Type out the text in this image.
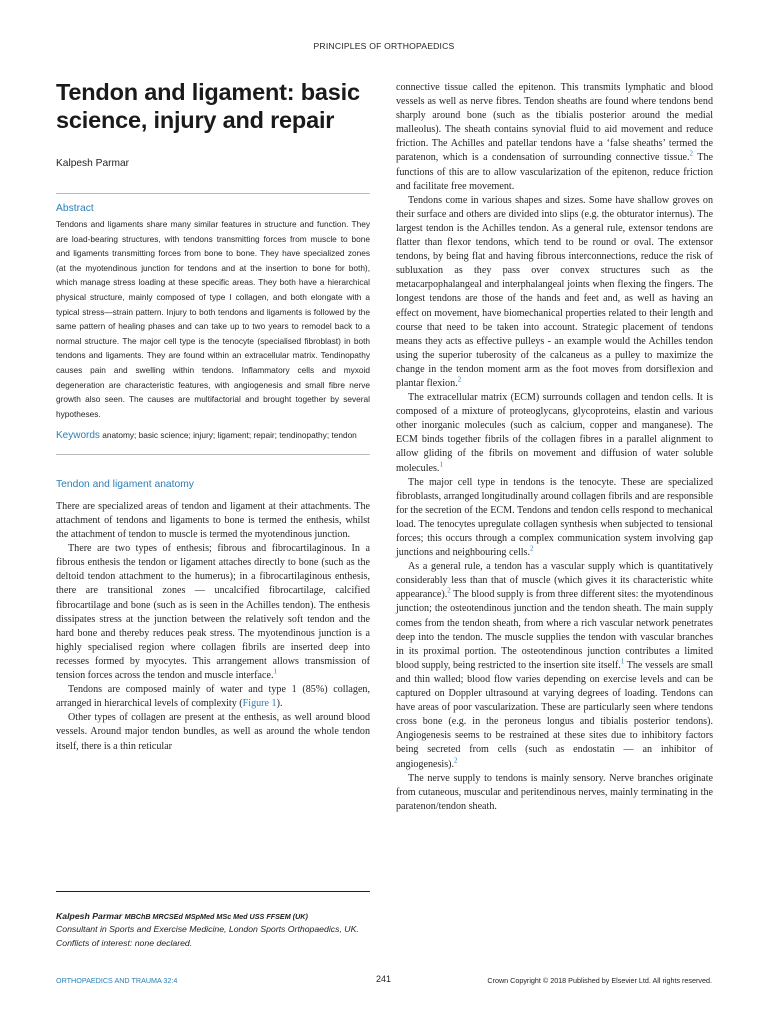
PRINCIPLES OF ORTHOPAEDICS
Tendon and ligament: basic science, injury and repair
Kalpesh Parmar
Abstract

Tendons and ligaments share many similar features in structure and function. They are load-bearing structures, with tendons transmitting forces from muscle to bone and ligaments transmitting forces from bone to bone. They have specialized zones (at the myotendinous junction for tendons and at the insertion to bone for both), which manage stress loading at these specific areas. They both have a hierarchical physical structure, mainly composed of type I collagen, and both elongate with a typical stress—strain pattern. Injury to both tendons and ligaments is followed by the same pattern of healing phases and can take up to two years to remodel back to a normal structure. The major cell type is the tenocyte (specialised fibroblast) in both tendons and ligaments. They are found within an extracellular matrix. Tendinopathy causes pain and swelling within tendons. Inflammatory cells and myxoid degeneration are characteristic features, with angiogenesis and small fibre nerve growth also seen. The causes are multifactorial and brought together by several hypotheses.

Keywords anatomy; basic science; injury; ligament; repair; tendinopathy; tendon

Tendon and ligament anatomy

There are specialized areas of tendon and ligament at their attachments. The attachment of tendons and ligaments to bone is termed the enthesis, whilst the attachment of tendon to muscle is termed the myotendinous junction.

There are two types of enthesis; fibrous and fibrocartilaginous. In a fibrous enthesis the tendon or ligament attaches directly to bone (such as the deltoid tendon attachment to the humerus); in a fibrocartilaginous enthesis, there are transitional zones — uncalcified fibrocartilage, calcified fibrocartilage and bone (such as is seen in the Achilles tendon). The enthesis dissipates stress at the junction between the relatively soft tendon and the hard bone and thereby reduces peak stress. The myotendinous junction is a highly specialised region where collagen fibrils are inserted deep into recesses formed by myocytes. This arrangement allows transmission of tension forces across the tendon and muscle interface.$^1$

Tendons are composed mainly of water and type 1 (85%) collagen, arranged in hierarchical levels of complexity (Figure 1).

Other types of collagen are present at the enthesis, as well around blood vessels. Around major tendon bundles, as well as around the whole tendon itself, there is a thin reticular

connective tissue called the epitenon. This transmits lymphatic and blood vessels as well as nerve fibres. Tendon sheaths are found where tendons bend sharply around bone (such as the tibialis posterior around the medial malleolus). The sheath contains synovial fluid to aid movement and reduce friction. The Achilles and patellar tendons have a ‘false sheaths’ termed the paratenon, which is a condensation of surrounding connective tissue.$^2$ The functions of this are to allow vascularization of the epitenon, reduce friction and facilitate free movement.

Tendons come in various shapes and sizes. Some have shallow groves on their surface and others are divided into slips (e.g. the obturator internus). The largest tendon is the Achilles tendon. As a general rule, extensor tendons are flatter than flexor tendons, which tend to be round or oval. The extensor tendons, by being flat and having fibrous interconnections, reduce the risk of subluxation as they pass over convex structures such as the metacarpophalangeal and interphalangeal joints when flexing the fingers. The longest tendons are those of the hands and feet and, as well as having an effect on movement, have biomechanical properties related to their length and course that need to be taken into account. Strategic placement of tendons means they acts as effective pulleys - an example would the Achilles tendon using the superior tuberosity of the calcaneus as a pulley to maximize the change in the tendon moment arm as the foot moves from dorsiflexion and plantar flexion.$^2$

The extracellular matrix (ECM) surrounds collagen and tendon cells. It is composed of a mixture of proteoglycans, glycoproteins, elastin and various other inorganic molecules (such as calcium, copper and manganese). The ECM binds together fibrils of the collagen fibres in a parallel alignment to allow gliding of the fibrils on movement and diffusion of water soluble molecules.$^1$

The major cell type in tendons is the tenocyte. These are specialized fibroblasts, arranged longitudinally around collagen fibrils and are responsible for the secretion of the ECM. Tendons and tendon cells respond to mechanical load. The tenocytes upregulate collagen synthesis when subjected to tensional forces; this occurs through a complex communication system involving gap junctions and neighbouring cells.$^2$

As a general rule, a tendon has a vascular supply which is quantitatively considerably less than that of muscle (which gives it its characteristic white appearance).$^2$ The blood supply is from three different sites: the myotendinous junction; the osteotendinous junction and the tendon sheath. The main supply comes from the tendon sheath, from where a rich vascular network penetrates deep into the tendon. The muscle supplies the tendon with vascular branches in its proximal portion. The osteotendinous junction contributes a limited blood supply, being restricted to the insertion site itself.$^1$ The vessels are small and thin walled; blood flow varies depending on exercise levels and can be captured on Doppler ultrasound at varying degrees of loading. Tendons can have areas of poor vascularization. These are particularly seen where tendons cross bone (e.g. in the peroneus longus and tibialis posterior tendons). Angiogenesis seems to be restrained at these sites due to inhibitory factors being secreted from cells (such as endostatin — an inhibitor of angiogenesis).$^2$

The nerve supply to tendons is mainly sensory. Nerve branches originate from cutaneous, muscular and peritendinous nerves, mainly terminating in the paratenon/tendon sheath.

Kalpesh Parmar MBChB MRCSEd MSpMed MSc Med USS FFSEM (UK)
Consultant in Sports and Exercise Medicine, London Sports Orthopaedics, UK. Conflicts of interest: none declared.
ORTHOPAEDICS AND TRAUMA 32:4	241	Crown Copyright © 2018 Published by Elsevier Ltd. All rights reserved.
